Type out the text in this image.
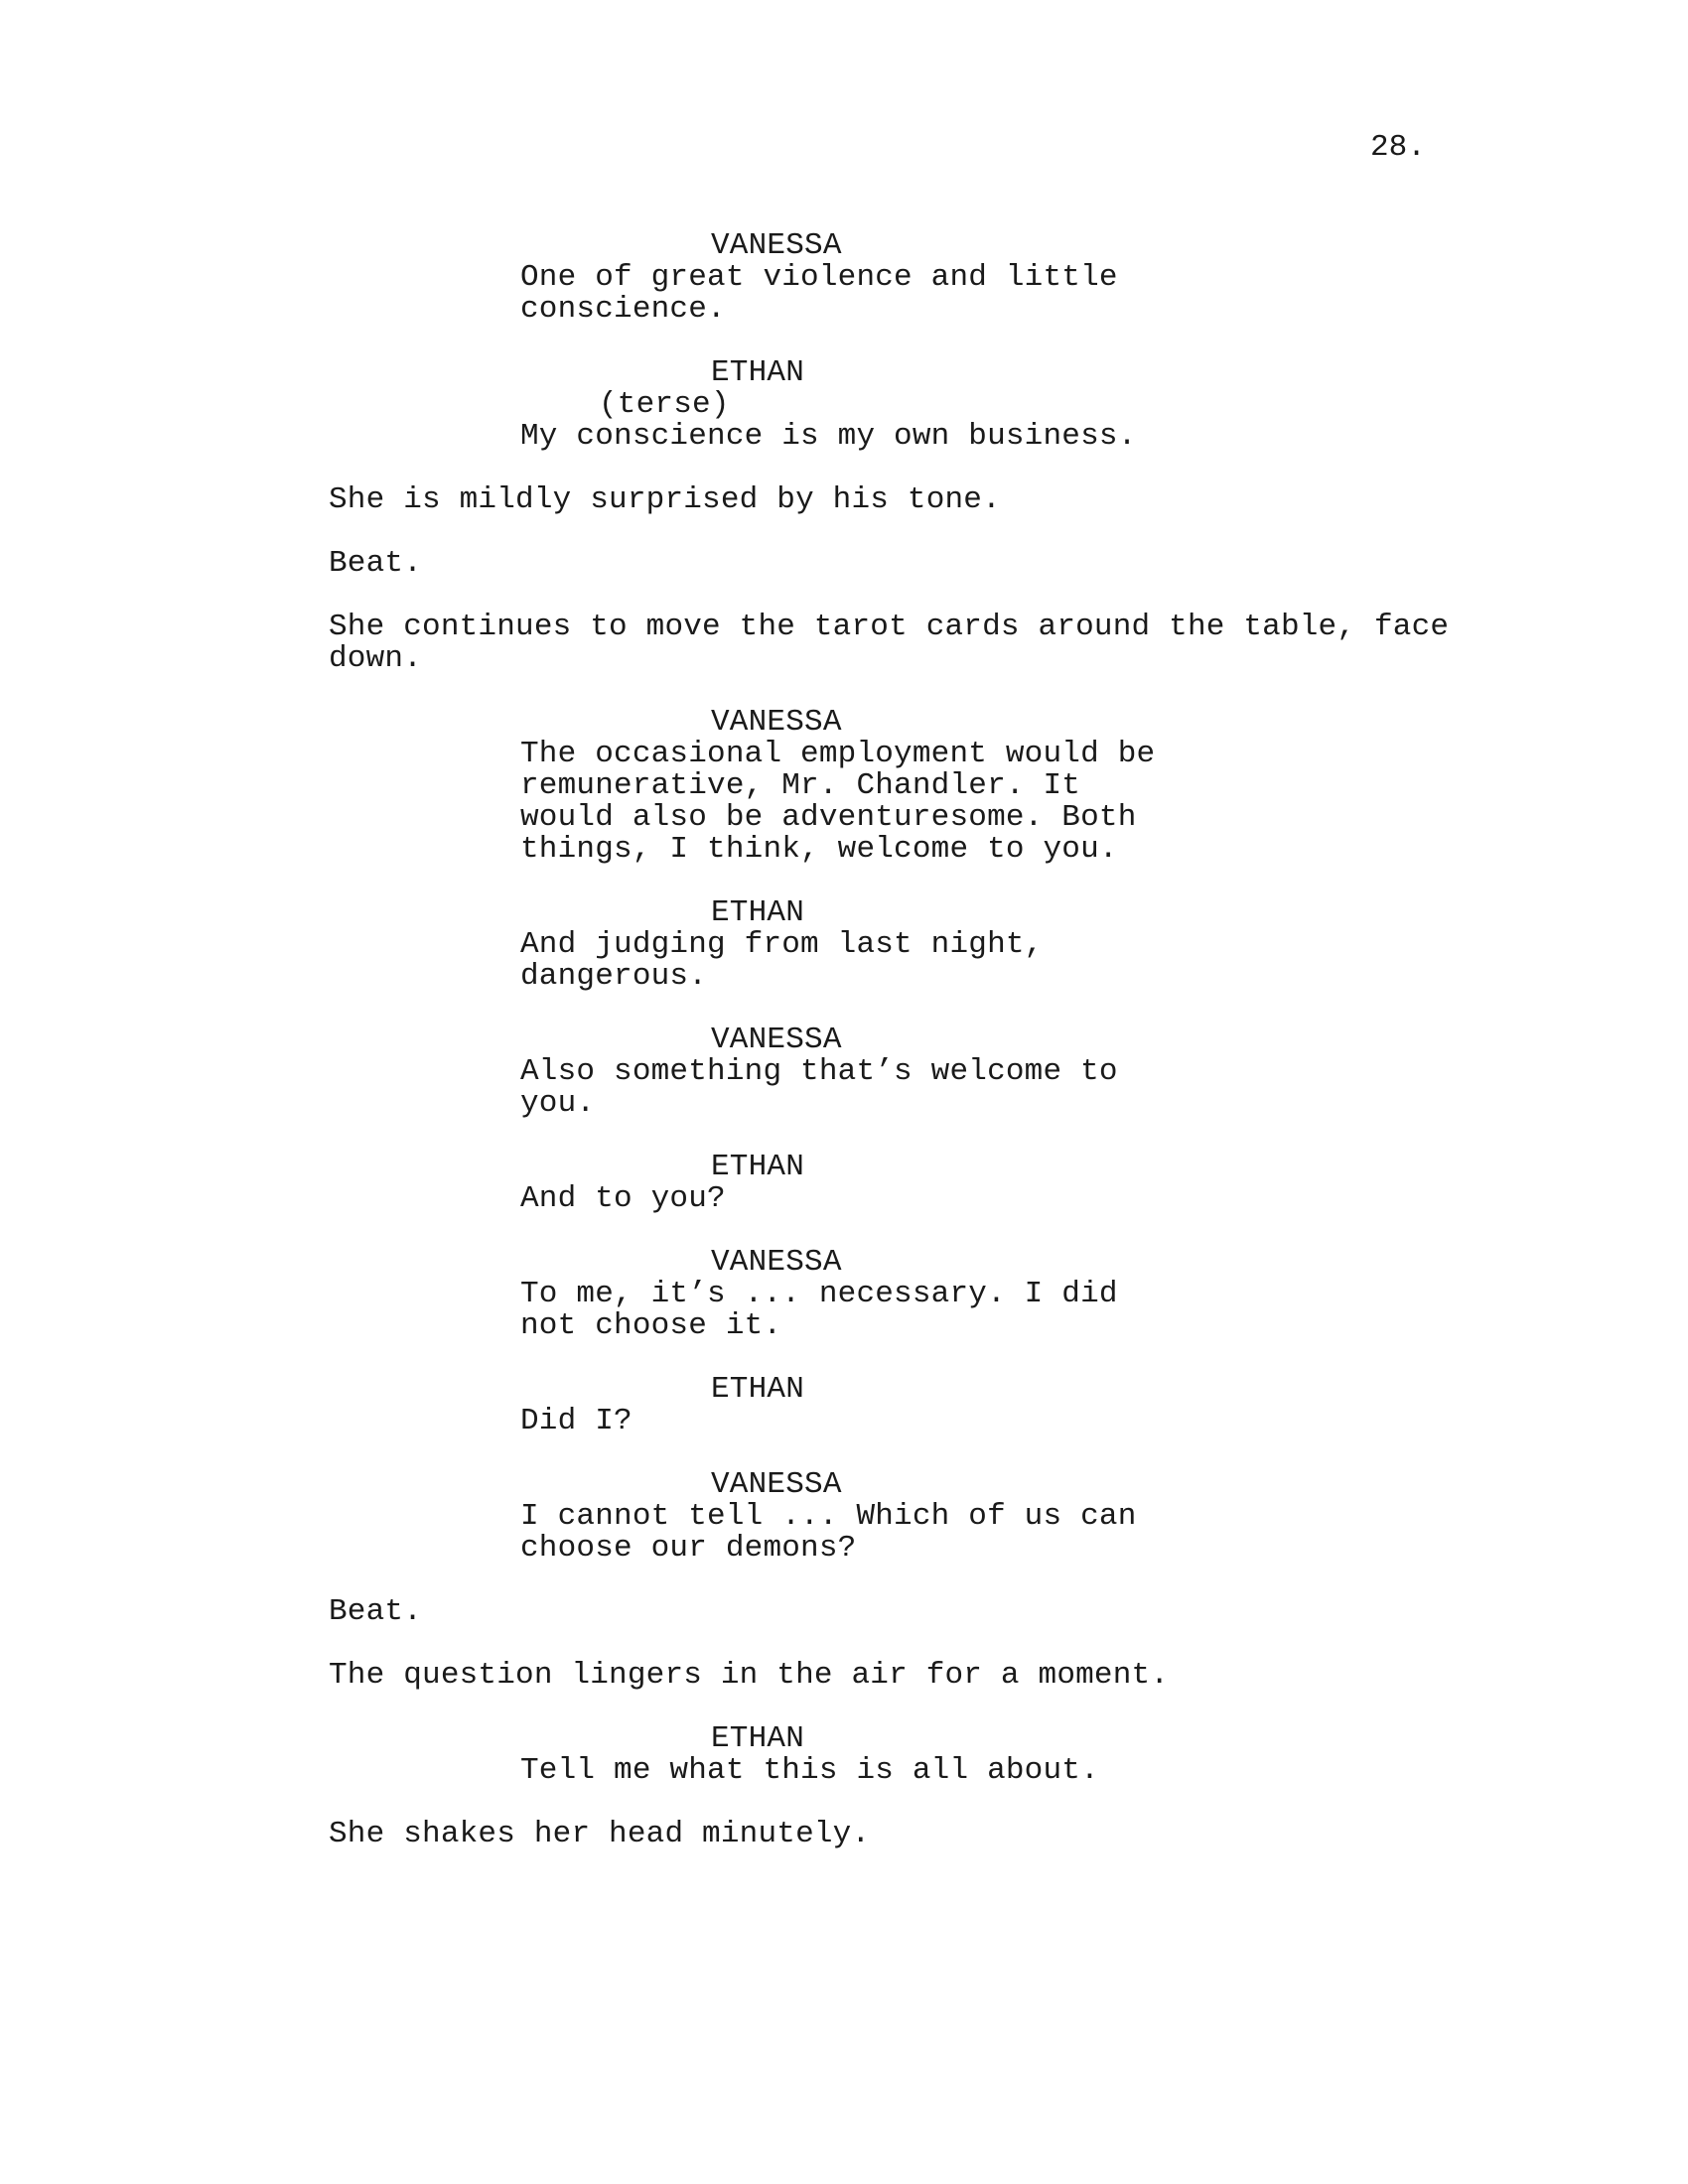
28.
VANESSA
One of great violence and little
conscience.
ETHAN
(terse)
My conscience is my own business.
She is mildly surprised by his tone.
Beat.
She continues to move the tarot cards around the table, face
down.
VANESSA
The occasional employment would be
remunerative, Mr. Chandler. It
would also be adventuresome. Both
things, I think, welcome to you.
ETHAN
And judging from last night,
dangerous.
VANESSA
Also something that’s welcome to
you.
ETHAN
And to you?
VANESSA
To me, it’s ... necessary. I did
not choose it.
ETHAN
Did I?
VANESSA
I cannot tell ... Which of us can
choose our demons?
Beat.
The question lingers in the air for a moment.
ETHAN
Tell me what this is all about.
She shakes her head minutely.
